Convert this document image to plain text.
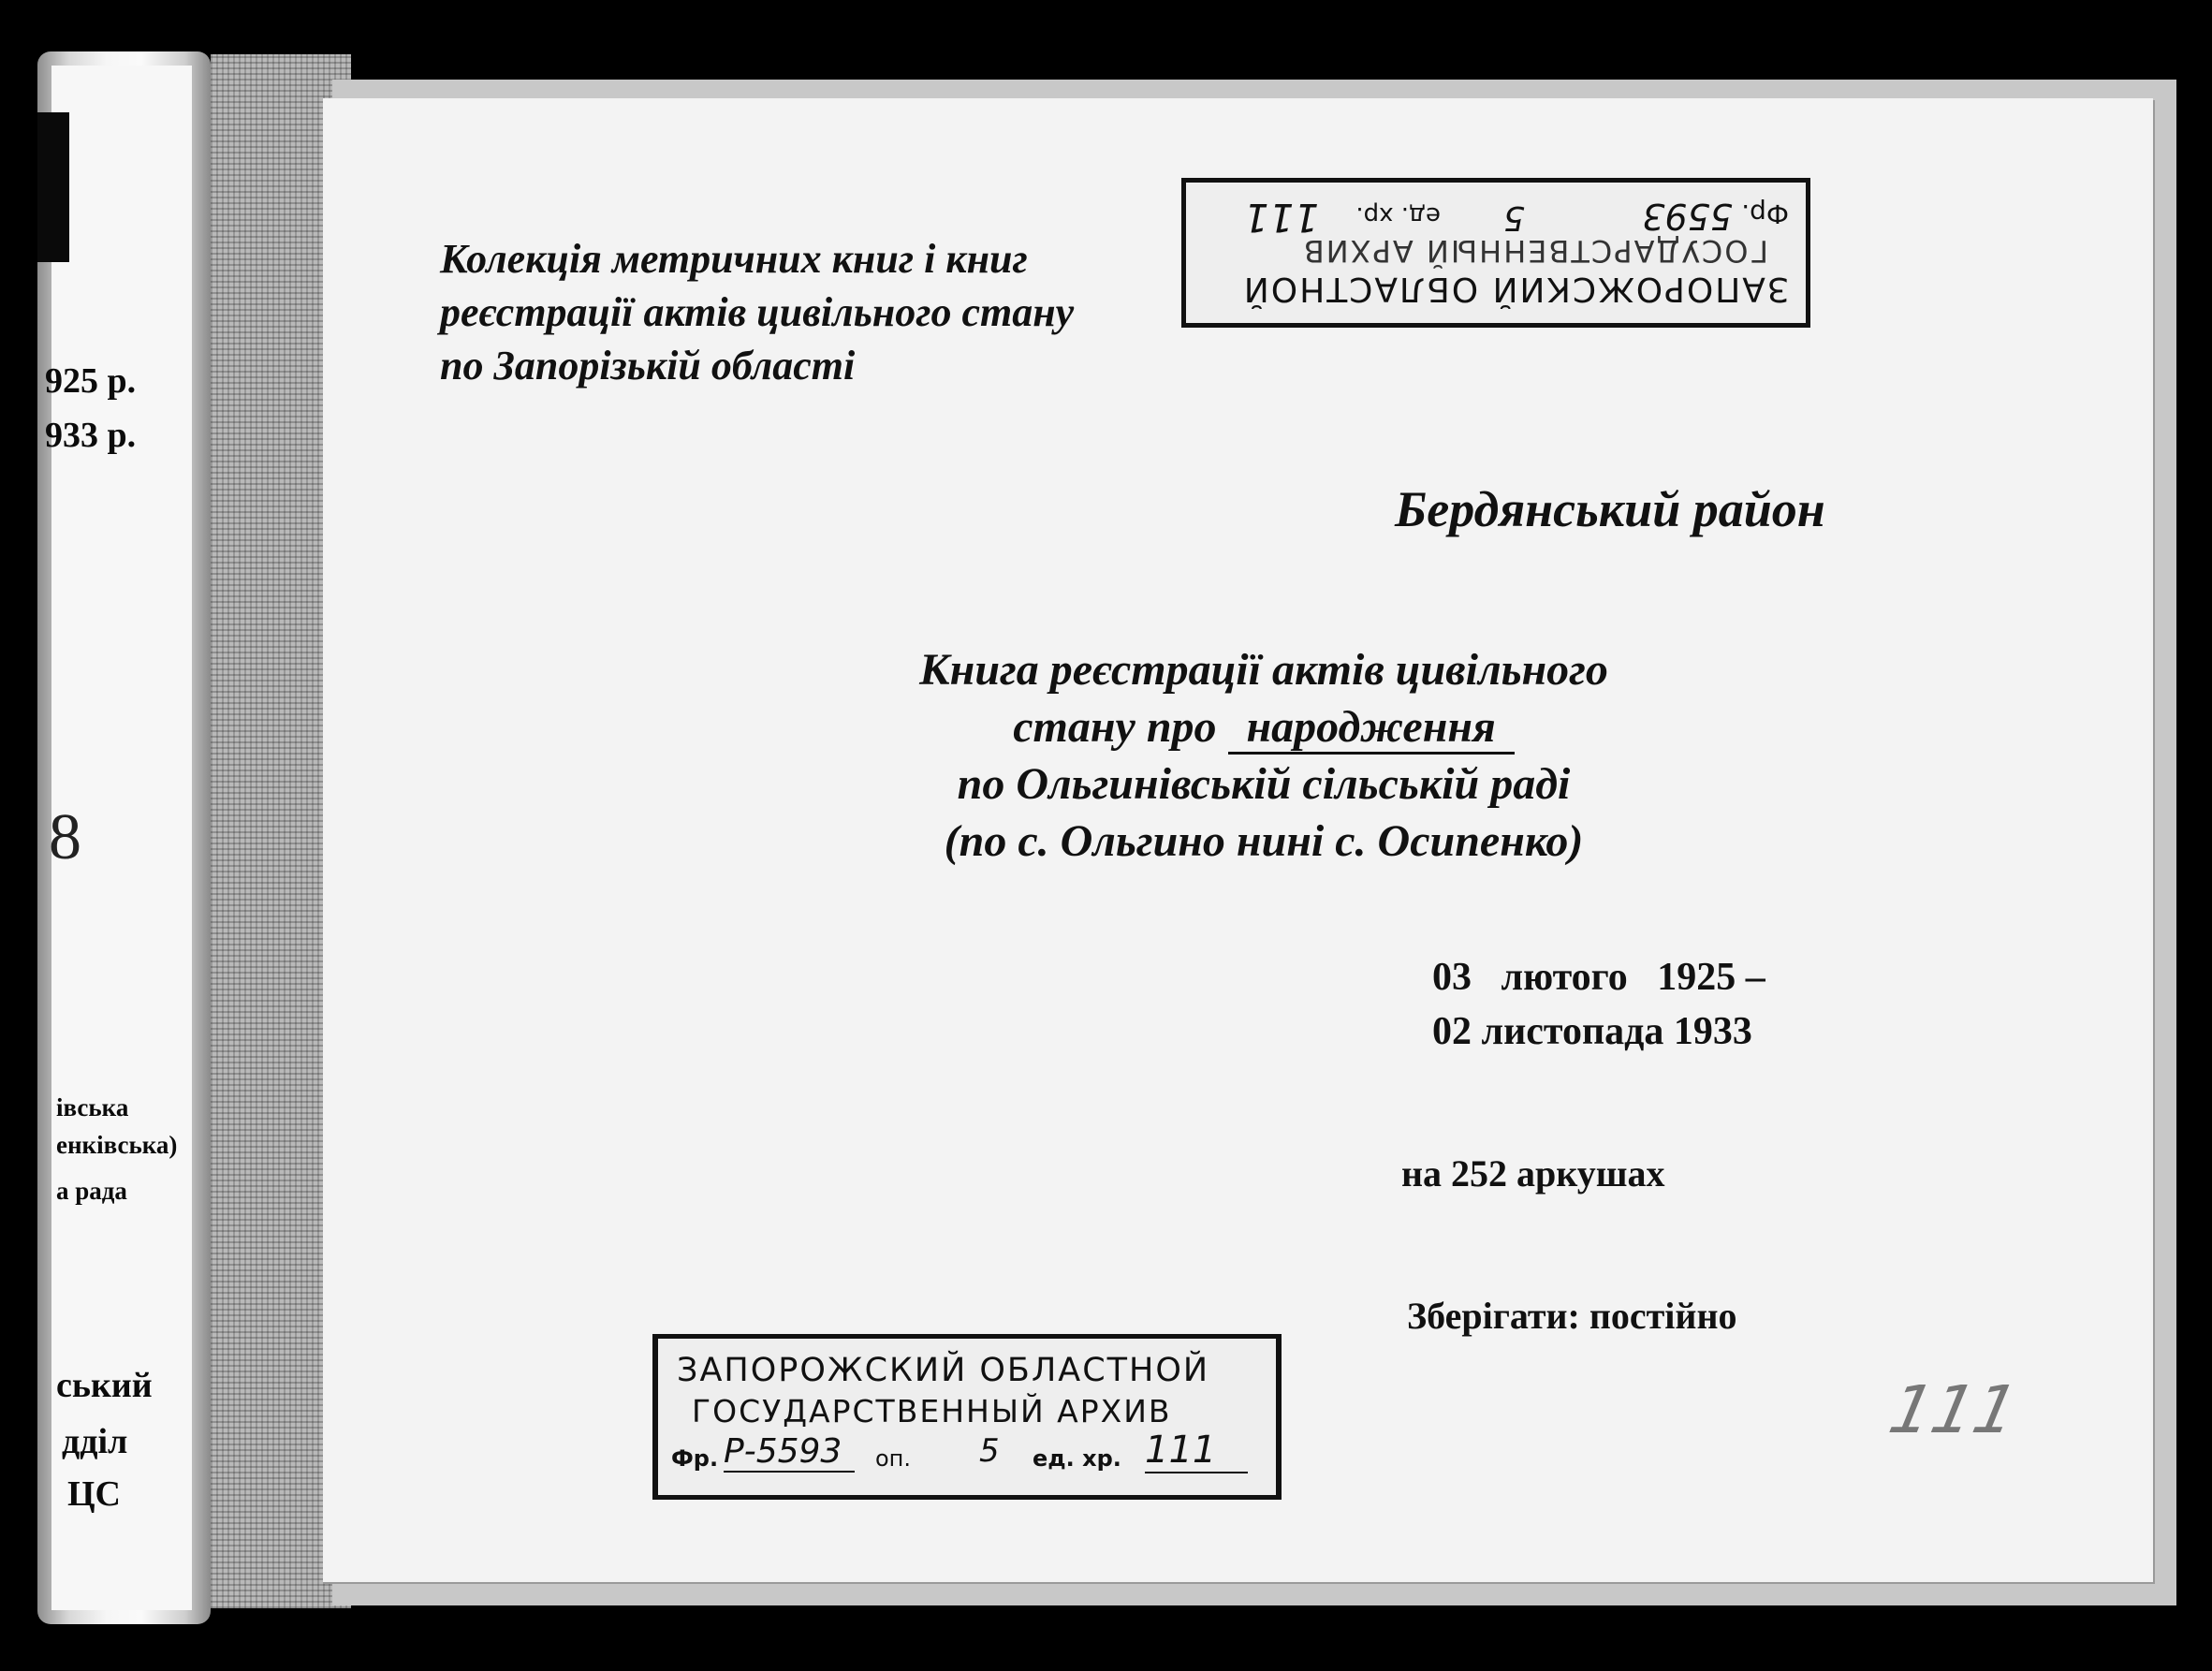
925 р.
933 р.
8
івська
енківська)
а рада
ський
дділ
ЦС
Колекція метричних книг і книг
реєстрації актів цивільного стану
по Запорізькій області
ЗАПОРОЖСКИЙ ОБЛАСТНОЙ
ГОСУДАРСТВЕННЫЙ АРХИВ
Фр.
5593
5
ед. хр.
111
Бердянський район
Книга реєстрації актів цивільного
стану про народження
по Ольгинівській сільській раді
(по с. Ольгино нині с. Осипенко)
03   лютого   1925 –
02 листопада 1933
на 252 аркушах
Зберігати: постійно
ЗАПОРОЖСКИЙ ОБЛАСТНОЙ
ГОСУДАРСТВЕННЫЙ АРХИВ
Фр. Р-5593	оп. 5 ед. хр. 111
111
